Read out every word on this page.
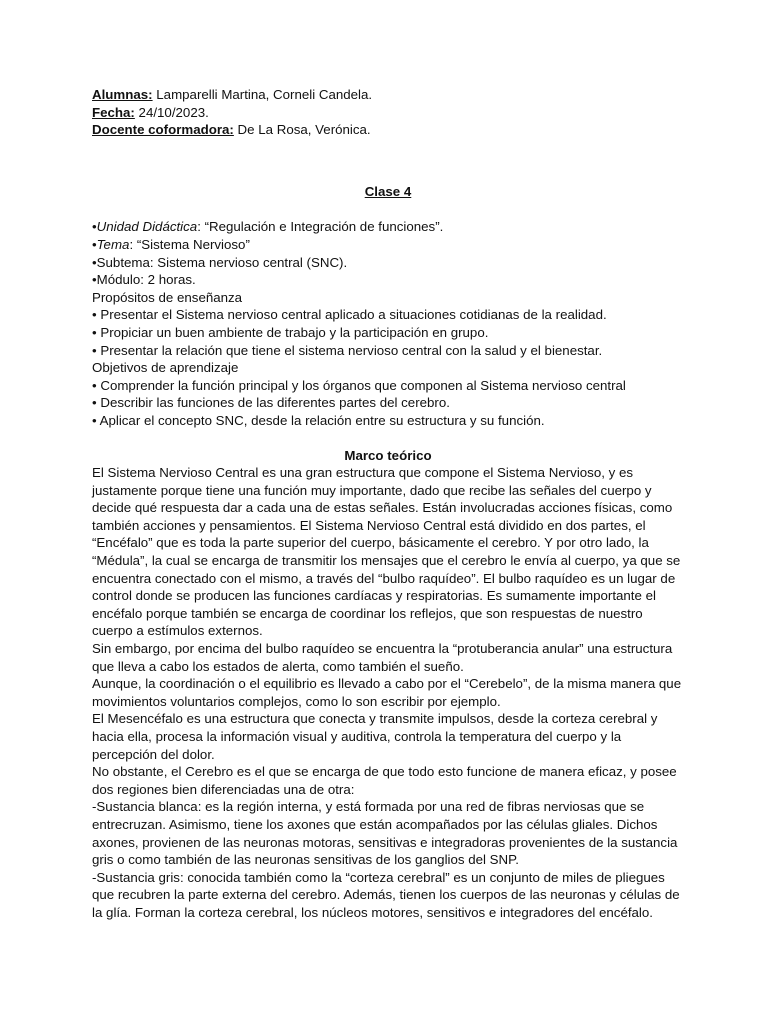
Alumnas: Lamparelli Martina, Corneli Candela.
Fecha: 24/10/2023.
Docente coformadora: De La Rosa, Verónica.
Clase 4
•Unidad Didáctica: “Regulación e Integración de funciones”.
•Tema: “Sistema Nervioso”
•Subtema: Sistema nervioso central (SNC).
•Módulo: 2 horas.
Propósitos de enseñanza
• Presentar el Sistema nervioso central aplicado a situaciones cotidianas de la realidad.
• Propiciar un buen ambiente de trabajo y la participación en grupo.
• Presentar la relación que tiene el sistema nervioso central con la salud y el bienestar.
Objetivos de aprendizaje
• Comprender la función principal y los órganos que componen al Sistema nervioso central
• Describir las funciones de las diferentes partes del cerebro.
• Aplicar el concepto SNC, desde la relación entre su estructura y su función.
Marco teórico

El Sistema Nervioso Central es una gran estructura que compone el Sistema Nervioso, y es justamente porque tiene una función muy importante, dado que recibe las señales del cuerpo y decide qué respuesta dar a cada una de estas señales. Están involucradas acciones físicas, como también acciones y pensamientos. El Sistema Nervioso Central está dividido en dos partes, el “Encéfalo” que es toda la parte superior del cuerpo, básicamente el cerebro. Y por otro lado, la “Médula”, la cual se encarga de transmitir los mensajes que el cerebro le envía al cuerpo, ya que se encuentra conectado con el mismo, a través del “bulbo raquídeo”. El bulbo raquídeo es un lugar de control donde se producen las funciones cardíacas y respiratorias. Es sumamente importante el encéfalo porque también se encarga de coordinar los reflejos, que son respuestas de nuestro cuerpo a estímulos externos.

Sin embargo, por encima del bulbo raquídeo se encuentra la “protuberancia anular” una estructura que lleva a cabo los estados de alerta, como también el sueño.

Aunque, la coordinación o el equilibrio es llevado a cabo por el “Cerebelo”, de la misma manera que movimientos voluntarios complejos, como lo son escribir por ejemplo.

El Mesencéfalo es una estructura que conecta y transmite impulsos, desde la corteza cerebral y hacia ella, procesa la información visual y auditiva, controla la temperatura del cuerpo y la percepción del dolor.

No obstante, el Cerebro es el que se encarga de que todo esto funcione de manera eficaz, y posee dos regiones bien diferenciadas una de otra:

-Sustancia blanca: es la región interna, y está formada por una red de fibras nerviosas que se entrecruzan. Asimismo, tiene los axones que están acompañados por las células gliales. Dichos axones, provienen de las neuronas motoras, sensitivas e integradoras provenientes de la sustancia gris o como también de las neuronas sensitivas de los ganglios del SNP.

-Sustancia gris: conocida también como la “corteza cerebral” es un conjunto de miles de pliegues que recubren la parte externa del cerebro. Además, tienen los cuerpos de las neuronas y células de la glía. Forman la corteza cerebral, los núcleos motores, sensitivos e integradores del encéfalo.
